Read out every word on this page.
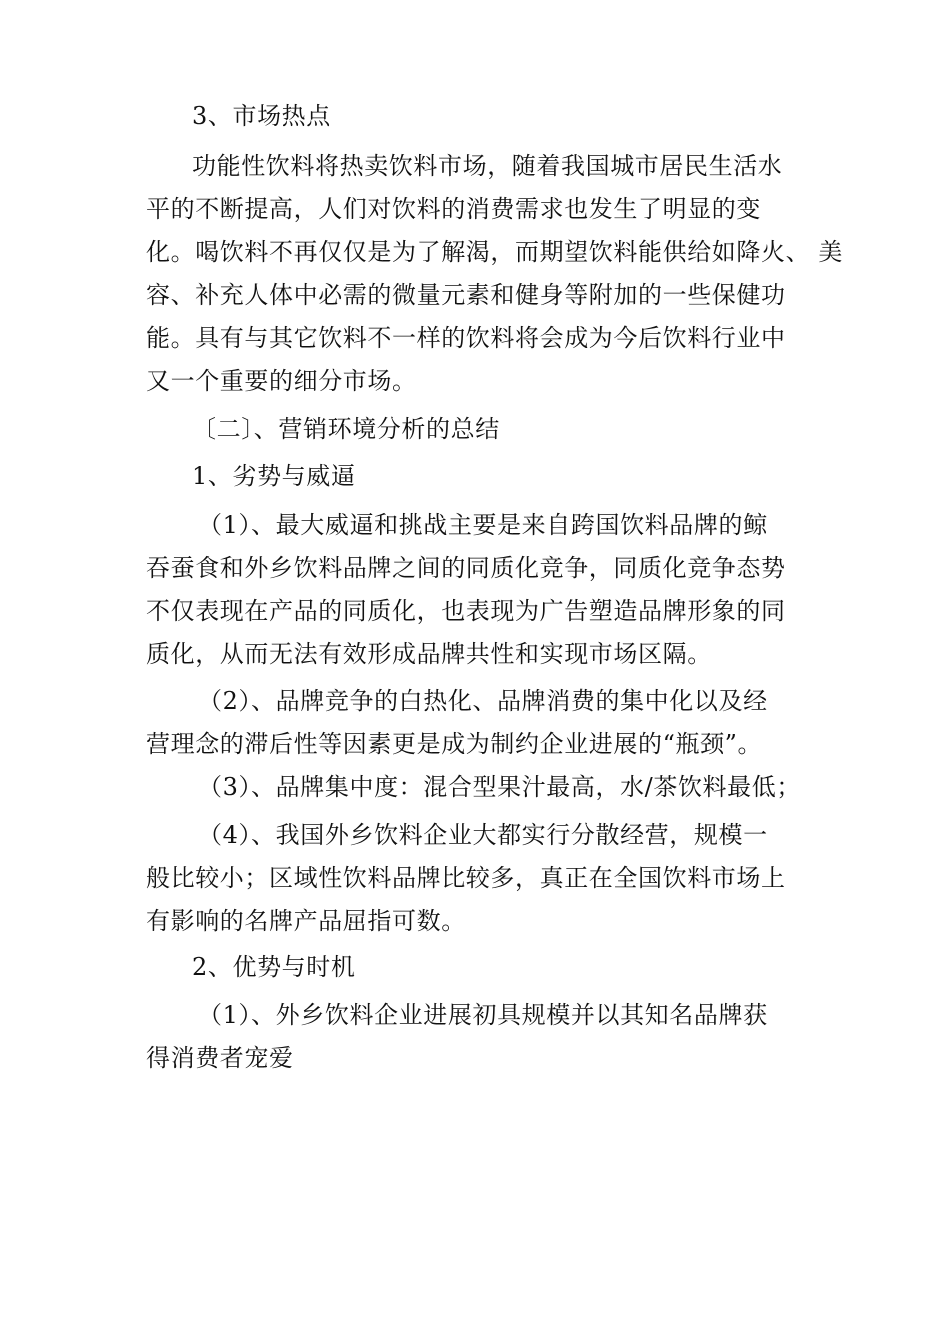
3、市场热点

功能性饮料将热卖饮料市场，随着我国城市居民生活水

平的不断提高，人们对饮料的消费需求也发生了明显的变

化。喝饮料不再仅仅是为了解渴，而期望饮料能供给如降火、 美

容、补充人体中必需的微量元素和健身等附加的一些保健功

能。具有与其它饮料不一样的饮料将会成为今后饮料行业中

又一个重要的细分市场。

〔二〕、营销环境分析的总结

1、劣势与威逼

（1）、最大威逼和挑战主要是来自跨国饮料品牌的鲸

吞蚕食和外乡饮料品牌之间的同质化竞争，同质化竞争态势

不仅表现在产品的同质化，也表现为广告塑造品牌形象的同

质化，从而无法有效形成品牌共性和实现市场区隔。

（2）、品牌竞争的白热化、品牌消费的集中化以及经

营理念的滞后性等因素更是成为制约企业进展的“瓶颈”。

（3）、品牌集中度：混合型果汁最高，水/茶饮料最低；

（4）、我国外乡饮料企业大都实行分散经营，规模一

般比较小；区域性饮料品牌比较多，真正在全国饮料市场上

有影响的名牌产品屈指可数。

2、优势与时机

（1）、外乡饮料企业进展初具规模并以其知名品牌获

得消费者宠爱
